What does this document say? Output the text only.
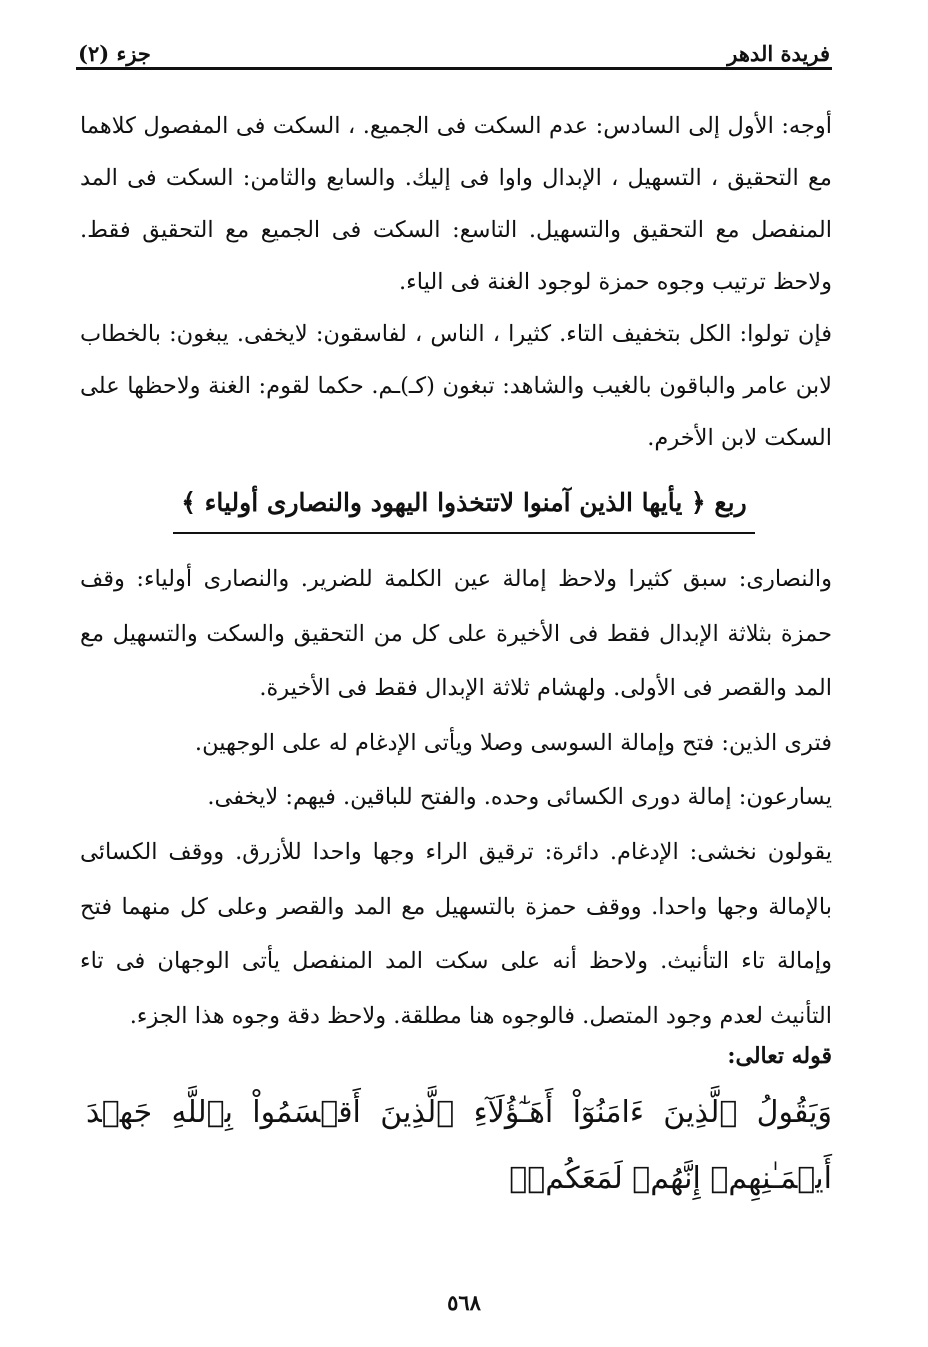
فريدة الدهر
جزء (٢)

أوجه: الأول إلى السادس: عدم السكت فى الجميع. ، السكت فى المفصول كلاهما مع التحقيق ، التسهيل ، الإبدال واوا فى إليك. والسابع والثامن: السكت فى المد المنفصل مع التحقيق والتسهيل. التاسع: السكت فى الجميع مع التحقيق فقط. ولاحظ ترتيب وجوه حمزة لوجود الغنة فى الياء.

فإن تولوا: الكل بتخفيف التاء. كثيرا ، الناس ، لفاسقون: لايخفى. يبغون: بالخطاب لابن عامر والباقون بالغيب والشاهد: تبغون (كـ)ـم. حكما لقوم: الغنة ولاحظها على السكت لابن الأخرم.

ربع ﴿ يأيها الذين آمنوا لاتتخذوا اليهود والنصارى أولياء ﴾

والنصارى: سبق كثيرا ولاحظ إمالة عين الكلمة للضرير. والنصارى أولياء: وقف حمزة بثلاثة الإبدال فقط فى الأخيرة على كل من التحقيق والسكت والتسهيل مع المد والقصر فى الأولى. ولهشام ثلاثة الإبدال فقط فى الأخيرة.

فترى الذين: فتح وإمالة السوسى وصلا ويأتى الإدغام له على الوجهين.

يسارعون: إمالة دورى الكسائى وحده. والفتح للباقين. فيهم: لايخفى.

يقولون نخشى: الإدغام. دائرة: ترقيق الراء وجها واحدا للأزرق. ووقف الكسائى بالإمالة وجها واحدا. ووقف حمزة بالتسهيل مع المد والقصر وعلى كل منهما فتح وإمالة تاء التأنيث. ولاحظ أنه على سكت المد المنفصل يأتى الوجهان فى تاء التأنيث لعدم وجود المتصل. فالوجوه هنا مطلقة. ولاحظ دقة وجوه هذا الجزء.

قوله تعالى:
وَيَقُولُ ٱلَّذِينَ ءَامَنُوٓاْ أَهَـٰٓؤُلَآءِ ٱلَّذِينَ أَقۡسَمُواْ بِٱللَّهِ جَهۡدَ أَيۡمَـٰنِهِمۡ إِنَّهُمۡ لَمَعَكُمۡۚ
٥٦٨
